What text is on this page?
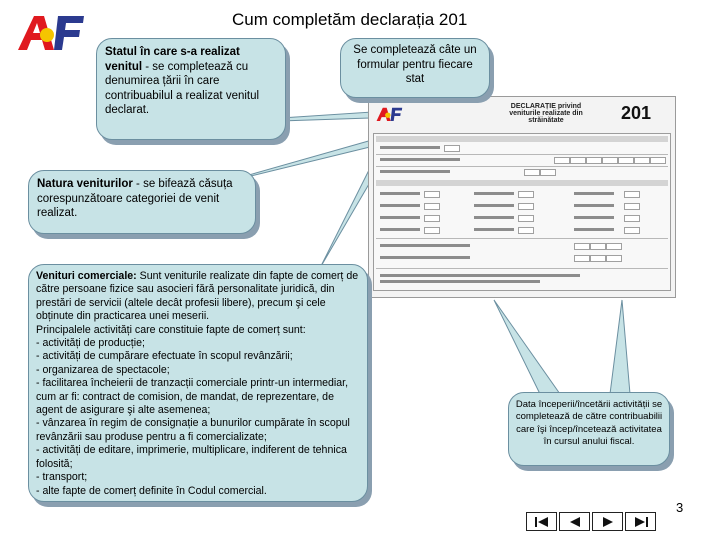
Cum completăm declarația 201
DECLARAȚIE privind veniturile realizate din străinătate	201

Statul în care s-a realizat venitul - se completează cu denumirea țării în care contribuabilul a realizat venitul declarat.

Se completează câte un formular pentru fiecare stat

Natura veniturilor - se bifează căsuța corespunzătoare categoriei de venit realizat.

Venituri comerciale: Sunt veniturile realizate din fapte de comerț de către persoane fizice sau asocieri fără personalitate juridică, din prestări de servicii (altele decât profesii libere), precum şi cele obținute din practicarea unei meserii.

Principalele activități care constituie fapte de comerț sunt:

- activități de producție;

- activități de cumpărare efectuate în scopul revânzării;

- organizarea de spectacole;

- facilitarea încheierii de tranzacții comerciale printr-un intermediar, cum ar fi: contract de comision, de mandat, de reprezentare, de agent de asigurare şi alte asemenea;

- vânzarea în regim de consignație a bunurilor cumpărate în scopul revânzării sau produse pentru a fi comercializate;

- activități de editare, imprimerie, multiplicare, indiferent de tehnica folosită;

- transport;

- alte fapte de comerț definite în Codul comercial.

Data începerii/încetării activității se completează de către contribuabilii care îşi încep/încetează activitatea în cursul anului fiscal.

3
